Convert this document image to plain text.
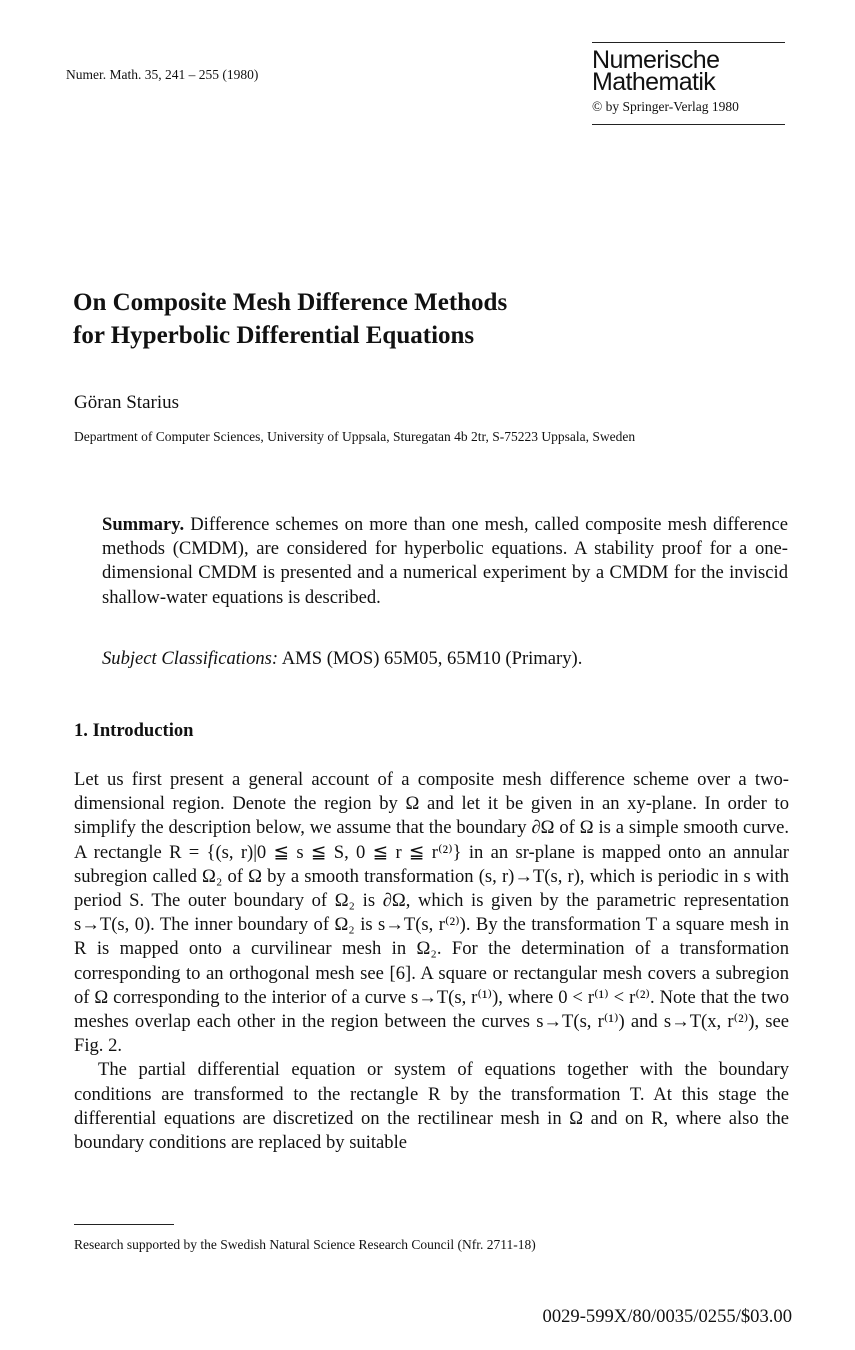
Numer. Math. 35, 241 – 255 (1980)
Numerische
Mathematik
© by Springer-Verlag 1980
On Composite Mesh Difference Methods
for Hyperbolic Differential Equations
Göran Starius
Department of Computer Sciences, University of Uppsala, Sturegatan 4b 2tr, S-75223 Uppsala, Sweden
Summary. Difference schemes on more than one mesh, called composite mesh difference methods (CMDM), are considered for hyperbolic equations. A stability proof for a one-dimensional CMDM is presented and a numerical experiment by a CMDM for the inviscid shallow-water equations is described.
Subject Classifications: AMS (MOS) 65M05, 65M10 (Primary).
1. Introduction

Let us first present a general account of a composite mesh difference scheme over a two-dimensional region. Denote the region by Ω and let it be given in an xy-plane. In order to simplify the description below, we assume that the boundary ∂Ω of Ω is a simple smooth curve. A rectangle R = {(s, r)|0 ≦ s ≦ S, 0 ≦ r ≦ r⁽²⁾} in an sr-plane is mapped onto an annular subregion called Ω₂ of Ω by a smooth transformation (s, r)→T(s, r), which is periodic in s with period S. The outer boundary of Ω₂ is ∂Ω, which is given by the parametric representation s→T(s, 0). The inner boundary of Ω₂ is s→T(s, r⁽²⁾). By the transformation T a square mesh in R is mapped onto a curvilinear mesh in Ω₂. For the determination of a transformation corresponding to an orthogonal mesh see [6]. A square or rectangular mesh covers a subregion of Ω corresponding to the interior of a curve s→T(s, r⁽¹⁾), where 0 < r⁽¹⁾ < r⁽²⁾. Note that the two meshes overlap each other in the region between the curves s→T(s, r⁽¹⁾) and s→T(x, r⁽²⁾), see Fig. 2.

The partial differential equation or system of equations together with the boundary conditions are transformed to the rectangle R by the transformation T. At this stage the differential equations are discretized on the rectilinear mesh in Ω and on R, where also the boundary conditions are replaced by suitable

Research supported by the Swedish Natural Science Research Council (Nfr. 2711-18)
0029-599X/80/0035/0255/$03.00
